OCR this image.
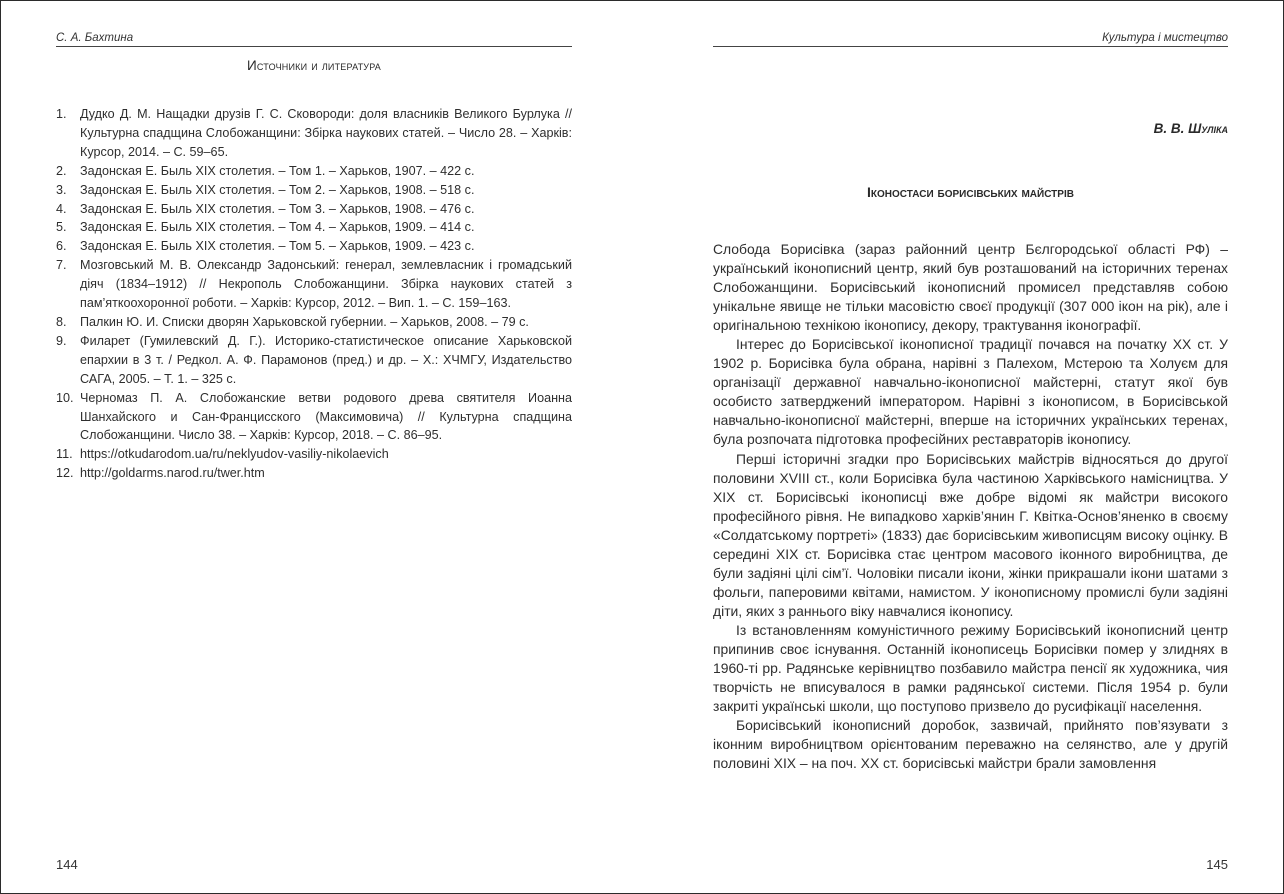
С. А. Бахтина
Источники и литература
1. Дудко Д. М. Нащадки друзів Г. С. Сковороди: доля власників Великого Бурлука // Культурна спадщина Слобожанщини: Збірка наукових статей. – Число 28. – Харків: Курсор, 2014. – С. 59–65.
2. Задонская Е. Быль XIX столетия. – Том 1. – Харьков, 1907. – 422 с.
3. Задонская Е. Быль XIX столетия. – Том 2. – Харьков, 1908. – 518 с.
4. Задонская Е. Быль XIX столетия. – Том 3. – Харьков, 1908. – 476 с.
5. Задонская Е. Быль XIX столетия. – Том 4. – Харьков, 1909. – 414 с.
6. Задонская Е. Быль XIX столетия. – Том 5. – Харьков, 1909. – 423 с.
7. Мозговський М. В. Олександр Задонський: генерал, землевласник і громадський діяч (1834–1912) // Некрополь Слобожанщини. Збірка наукових статей з пам’яткоохоронної роботи. – Харків: Курсор, 2012. – Вип. 1. – С. 159–163.
8. Палкин Ю. И. Списки дворян Харьковской губернии. – Харьков, 2008. – 79 с.
9. Филарет (Гумилевский Д. Г.). Историко-статистическое описание Харьковской епархии в 3 т. / Редкол. А. Ф. Парамонов (пред.) и др. – Х.: ХЧМГУ, Издательство САГА, 2005. – Т. 1. – 325 с.
10. Черномаз П. А. Слобожанские ветви родового древа святителя Иоанна Шанхайского и Сан-Францисского (Максимовича) // Культурна спадщина Слобожанщини. Число 38. – Харків: Курсор, 2018. – С. 86–95.
11. https://otkudarodom.ua/ru/neklyudov-vasiliy-nikolaevich
12. http://goldarms.narod.ru/twer.htm
144
Культура і мистецтво
В. В. Шуліка
Іконостаси борисівських майстрів

Слобода Борисівка (зараз районний центр Бєлгородської області РФ) – український іконописний центр, який був розташований на історичних теренах Слобожанщини. Борисівський іконописний промисел представляв собою унікальне явище не тільки масовістю своєї продукції (307 000 ікон на рік), але і оригінальною технікою іконопису, декору, трактування іконографії.

Інтерес до Борисівської іконописної традиції почався на початку XX ст. У 1902 р. Борисівка була обрана, нарівні з Палехом, Мстерою та Холуєм для організації державної навчально-іконописної майстерні, статут якої був особисто затверджений імператором. Нарівні з іконописом, в Борисівськой навчально-іконописної майстерні, вперше на історичних українських теренах, була розпочата підготовка професійних реставраторів іконопису.

Перші історичні згадки про Борисівських майстрів відносяться до другої половини XVIII ст., коли Борисівка була частиною Харківського намісництва. У XIX ст. Борисівські іконописці вже добре відомі як майстри високого професійного рівня. Не випадково харків’янин Г. Квітка-Основ’яненко в своєму «Солдатському портреті» (1833) дає борисівським живописцям високу оцінку. В середині XIX ст. Борисівка стає центром масового іконного виробництва, де були задіяні цілі сім’ї. Чоловіки писали ікони, жінки прикрашали ікони шатами з фольги, паперовими квітами, намистом. У іконописному промислі були задіяні діти, яких з раннього віку навчалися іконопису.

Із встановленням комуністичного режиму Борисівський іконописний центр припинив своє існування. Останній іконописець Борисівки помер у злиднях в 1960-ті рр. Радянське керівництво позбавило майстра пенсії як художника, чия творчість не вписувалося в рамки радянської системи. Після 1954 р. були закриті українські школи, що поступово призвело до русифікації населення.

Борисівський іконописний доробок, зазвичай, прийнято пов’язувати з іконним виробництвом орієнтованим переважно на селянство, але у другій половині XIX – на поч. XX ст. борисівські майстри брали замовлення

145
